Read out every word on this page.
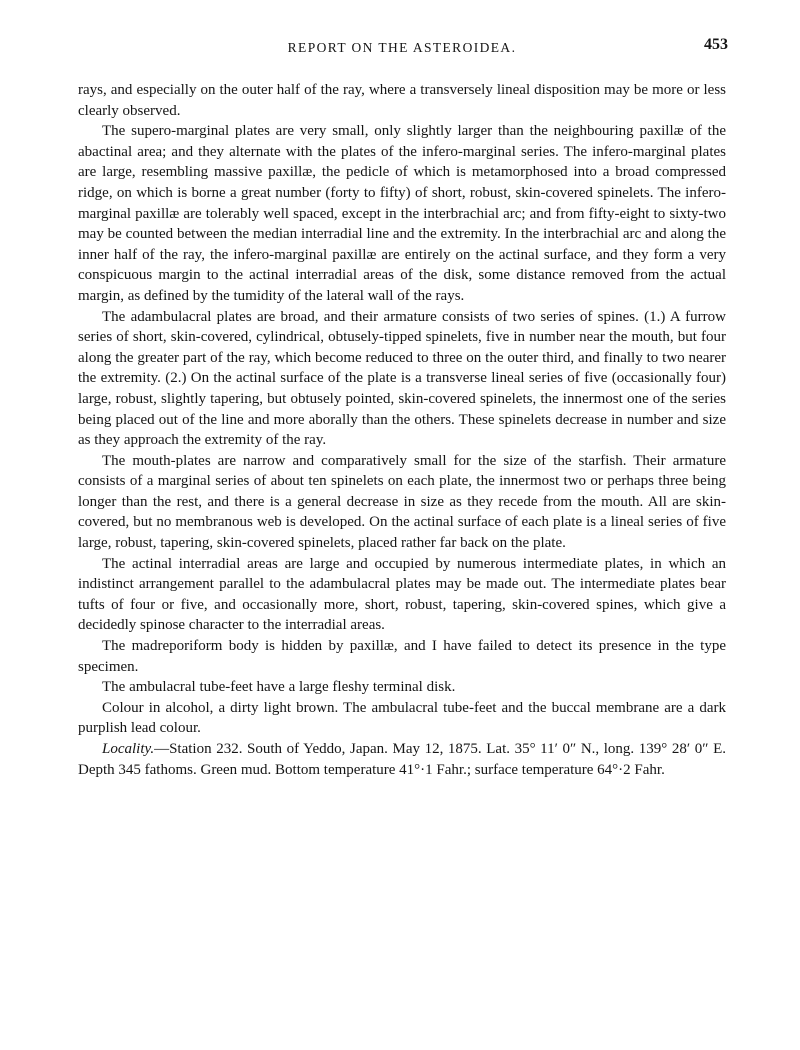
REPORT ON THE ASTEROIDEA.	453

rays, and especially on the outer half of the ray, where a transversely lineal disposition may be more or less clearly observed.

The supero-marginal plates are very small, only slightly larger than the neighbouring paxillæ of the abactinal area; and they alternate with the plates of the infero-marginal series. The infero-marginal plates are large, resembling massive paxillæ, the pedicle of which is metamorphosed into a broad compressed ridge, on which is borne a great number (forty to fifty) of short, robust, skin-covered spinelets. The infero-marginal paxillæ are tolerably well spaced, except in the interbrachial arc; and from fifty-eight to sixty-two may be counted between the median interradial line and the extremity. In the interbrachial arc and along the inner half of the ray, the infero-marginal paxillæ are entirely on the actinal surface, and they form a very conspicuous margin to the actinal interradial areas of the disk, some distance removed from the actual margin, as defined by the tumidity of the lateral wall of the rays.

The adambulacral plates are broad, and their armature consists of two series of spines. (1.) A furrow series of short, skin-covered, cylindrical, obtusely-tipped spinelets, five in number near the mouth, but four along the greater part of the ray, which become reduced to three on the outer third, and finally to two nearer the extremity. (2.) On the actinal surface of the plate is a transverse lineal series of five (occasionally four) large, robust, slightly tapering, but obtusely pointed, skin-covered spinelets, the innermost one of the series being placed out of the line and more aborally than the others. These spinelets decrease in number and size as they approach the extremity of the ray.

The mouth-plates are narrow and comparatively small for the size of the starfish. Their armature consists of a marginal series of about ten spinelets on each plate, the innermost two or perhaps three being longer than the rest, and there is a general decrease in size as they recede from the mouth. All are skin-covered, but no membranous web is developed. On the actinal surface of each plate is a lineal series of five large, robust, tapering, skin-covered spinelets, placed rather far back on the plate.

The actinal interradial areas are large and occupied by numerous intermediate plates, in which an indistinct arrangement parallel to the adambulacral plates may be made out. The intermediate plates bear tufts of four or five, and occasionally more, short, robust, tapering, skin-covered spines, which give a decidedly spinose character to the interradial areas.

The madreporiform body is hidden by paxillæ, and I have failed to detect its presence in the type specimen.

The ambulacral tube-feet have a large fleshy terminal disk.

Colour in alcohol, a dirty light brown. The ambulacral tube-feet and the buccal membrane are a dark purplish lead colour.

Locality.—Station 232. South of Yeddo, Japan. May 12, 1875. Lat. 35° 11′ 0″ N., long. 139° 28′ 0″ E. Depth 345 fathoms. Green mud. Bottom temperature 41°·1 Fahr.; surface temperature 64°·2 Fahr.
